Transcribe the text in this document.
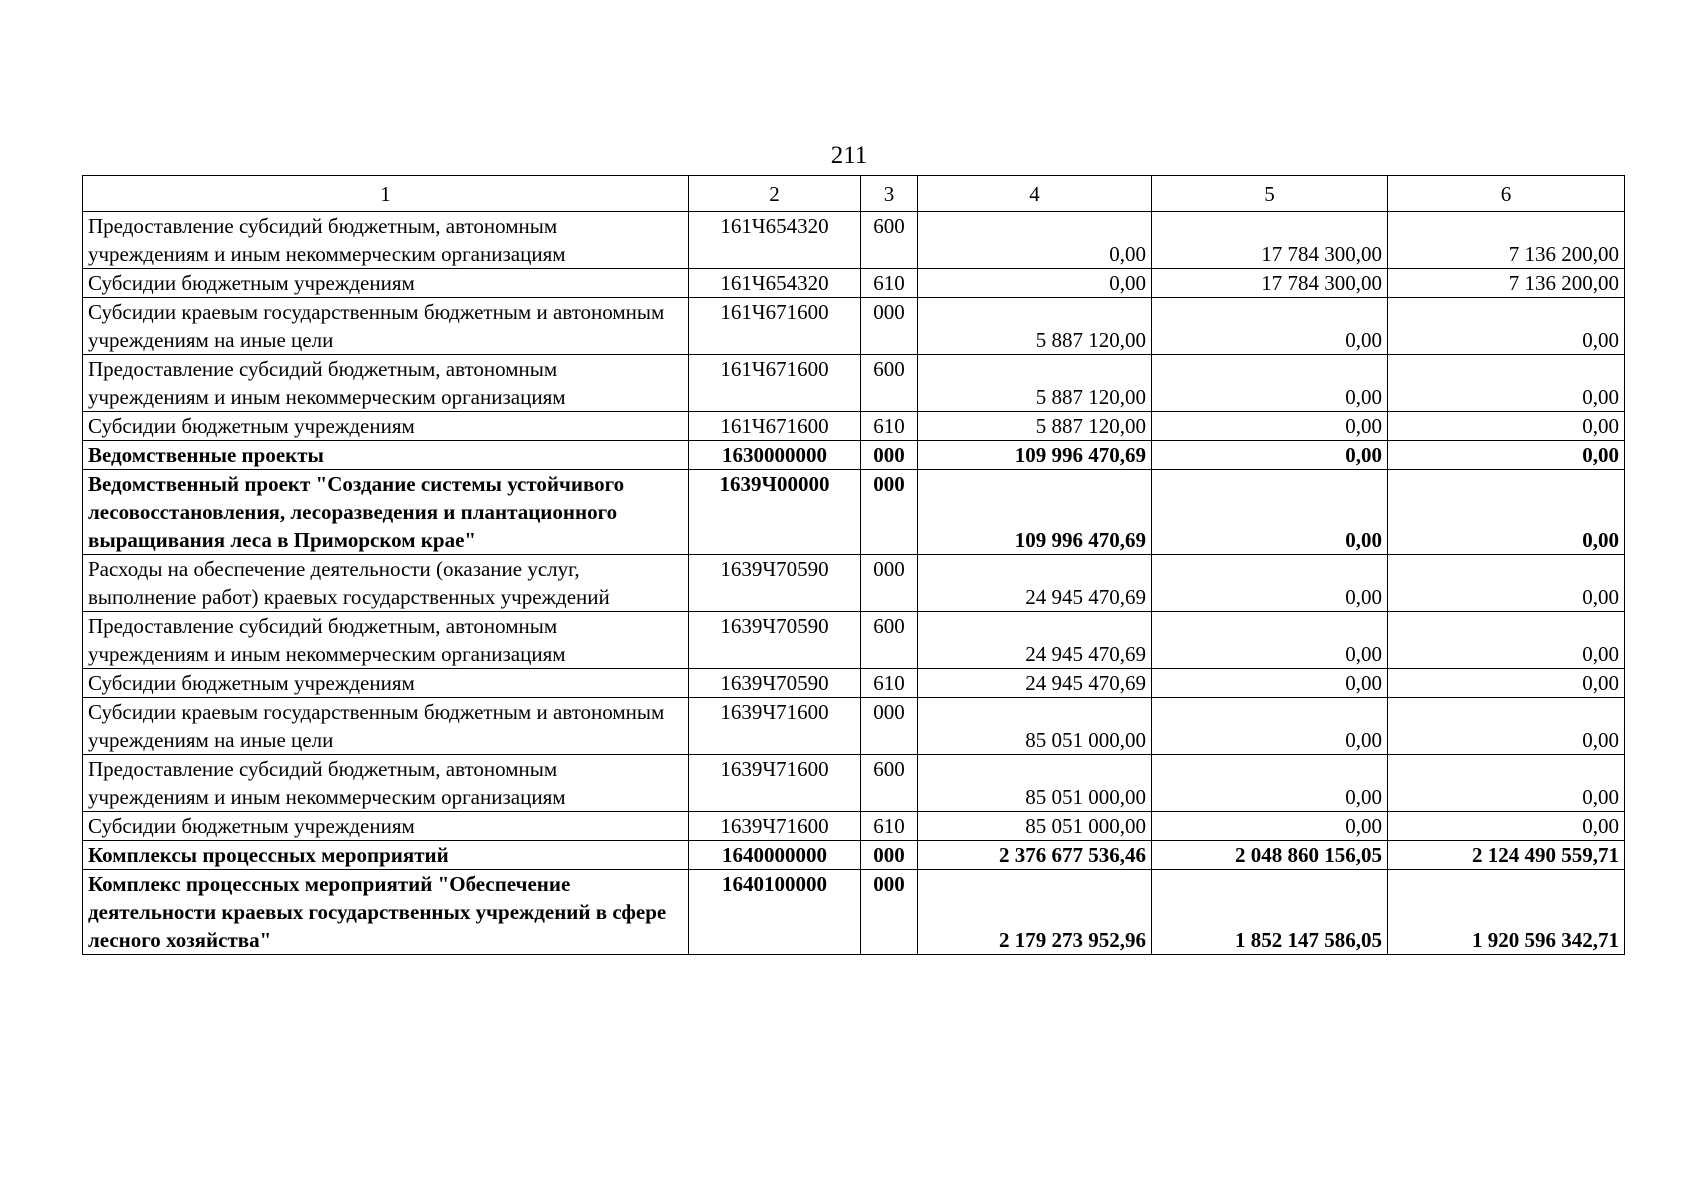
211
1	2	3	4	5	6
Предоставление субсидий бюджетным, автономным учреждениям и иным некоммерческим организациям	161Ч654320	600	0,00	17 784 300,00	7 136 200,00
Субсидии бюджетным учреждениям	161Ч654320	610	0,00	17 784 300,00	7 136 200,00
Субсидии краевым государственным бюджетным и автономным учреждениям на иные цели	161Ч671600	000	5 887 120,00	0,00	0,00
Предоставление субсидий бюджетным, автономным учреждениям и иным некоммерческим организациям	161Ч671600	600	5 887 120,00	0,00	0,00
Субсидии бюджетным учреждениям	161Ч671600	610	5 887 120,00	0,00	0,00
Ведомственные проекты	1630000000	000	109 996 470,69	0,00	0,00
Ведомственный проект "Создание системы устойчивого лесовосстановления, лесоразведения и плантационного выращивания леса в Приморском крае"	1639Ч00000	000	109 996 470,69	0,00	0,00
Расходы на обеспечение деятельности (оказание услуг, выполнение работ) краевых государственных учреждений	1639Ч70590	000	24 945 470,69	0,00	0,00
Предоставление субсидий бюджетным, автономным учреждениям и иным некоммерческим организациям	1639Ч70590	600	24 945 470,69	0,00	0,00
Субсидии бюджетным учреждениям	1639Ч70590	610	24 945 470,69	0,00	0,00
Субсидии краевым государственным бюджетным и автономным учреждениям на иные цели	1639Ч71600	000	85 051 000,00	0,00	0,00
Предоставление субсидий бюджетным, автономным учреждениям и иным некоммерческим организациям	1639Ч71600	600	85 051 000,00	0,00	0,00
Субсидии бюджетным учреждениям	1639Ч71600	610	85 051 000,00	0,00	0,00
Комплексы процессных мероприятий	1640000000	000	2 376 677 536,46	2 048 860 156,05	2 124 490 559,71
Комплекс процессных мероприятий "Обеспечение деятельности краевых государственных учреждений в сфере лесного хозяйства"	1640100000	000	2 179 273 952,96	1 852 147 586,05	1 920 596 342,71
